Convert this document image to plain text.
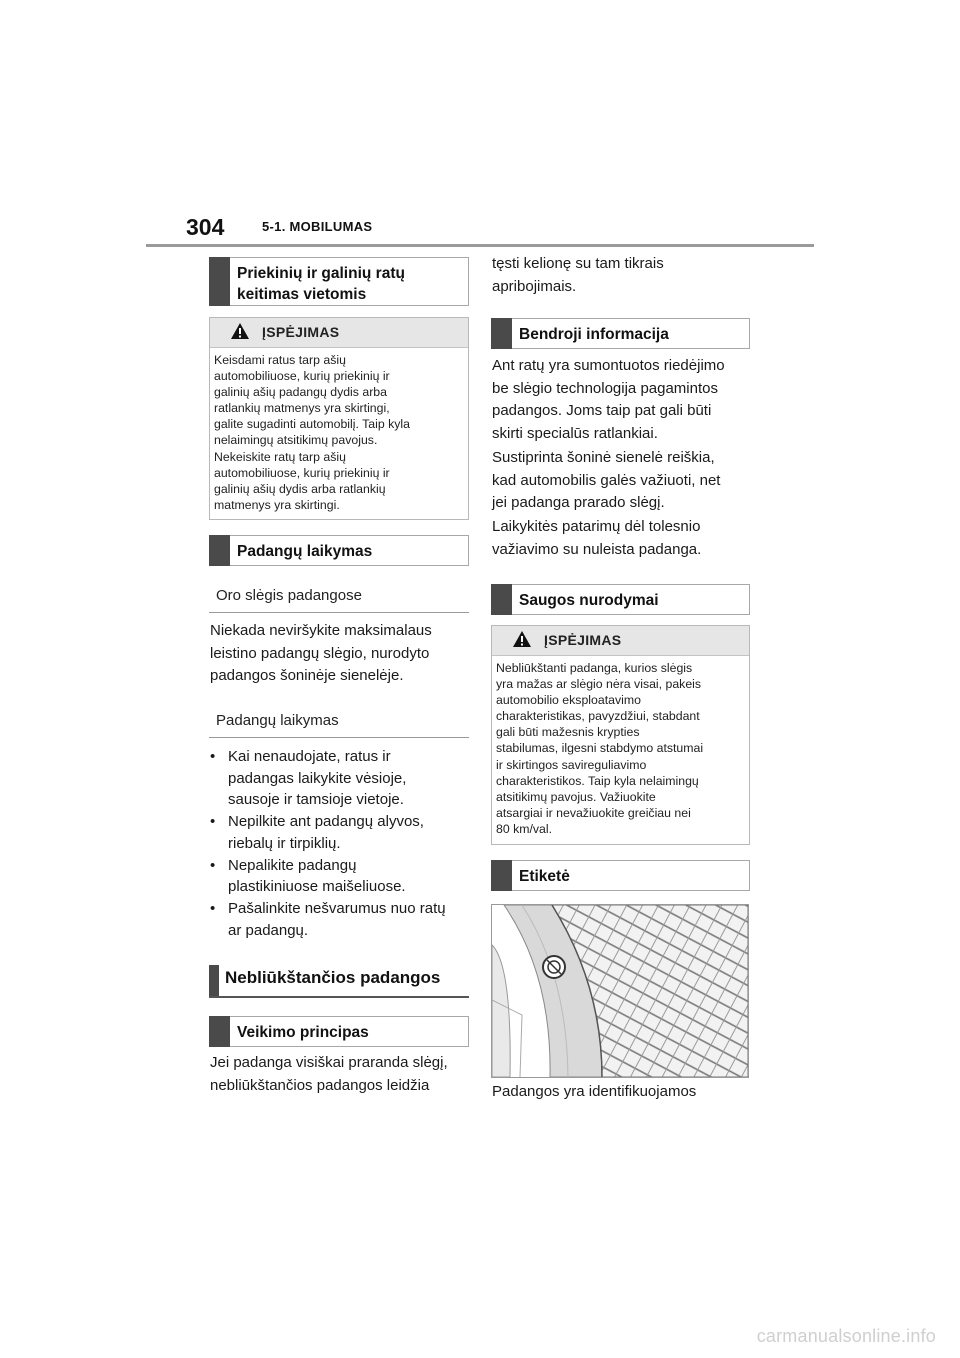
304	5-1. MOBILUMAS
Priekinių ir galinių ratų
keitimas vietomis
ĮSPĖJIMAS
Keisdami ratus tarp ašių
automobiliuose, kurių priekinių ir
galinių ašių padangų dydis arba
ratlankių matmenys yra skirtingi,
galite sugadinti automobilį. Taip kyla
nelaimingų atsitikimų pavojus.
Nekeiskite ratų tarp ašių
automobiliuose, kurių priekinių ir
galinių ašių dydis arba ratlankių
matmenys yra skirtingi.
Padangų laikymas
Oro slėgis padangose
Niekada neviršykite maksimalaus
leistino padangų slėgio, nurodyto
padangos šoninėje sienelėje.
Padangų laikymas
• Kai nenaudojate, ratus ir
padangas laikykite vėsioje,
sausoje ir tamsioje vietoje.
• Nepilkite ant padangų alyvos,
riebalų ir tirpiklių.
• Nepalikite padangų
plastikiniuose maišeliuose.
• Pašalinkite nešvarumus nuo ratų
ar padangų.
Nebliūkštančios padangos
Veikimo principas
Jei padanga visiškai praranda slėgį,
nebliūkštančios padangos leidžia
tęsti kelionę su tam tikrais
apribojimais.
Bendroji informacija
Ant ratų yra sumontuotos riedėjimo
be slėgio technologija pagamintos
padangos. Joms taip pat gali būti
skirti specialūs ratlankiai.
Sustiprinta šoninė sienelė reiškia,
kad automobilis galės važiuoti, net
jei padanga prarado slėgį.
Laikykitės patarimų dėl tolesnio
važiavimo su nuleista padanga.
Saugos nurodymai
ĮSPĖJIMAS
Nebliūkštanti padanga, kurios slėgis
yra mažas ar slėgio nėra visai, pakeis
automobilio eksploatavimo
charakteristikas, pavyzdžiui, stabdant
gali būti mažesnis krypties
stabilumas, ilgesni stabdymo atstumai
ir skirtingos savireguliavimo
charakteristikos. Taip kyla nelaimingų
atsitikimų pavojus. Važiuokite
atsargiai ir nevažiuokite greičiau nei
80 km/val.
Etiketė
Padangos yra identifikuojamos
carmanualsonline.info
